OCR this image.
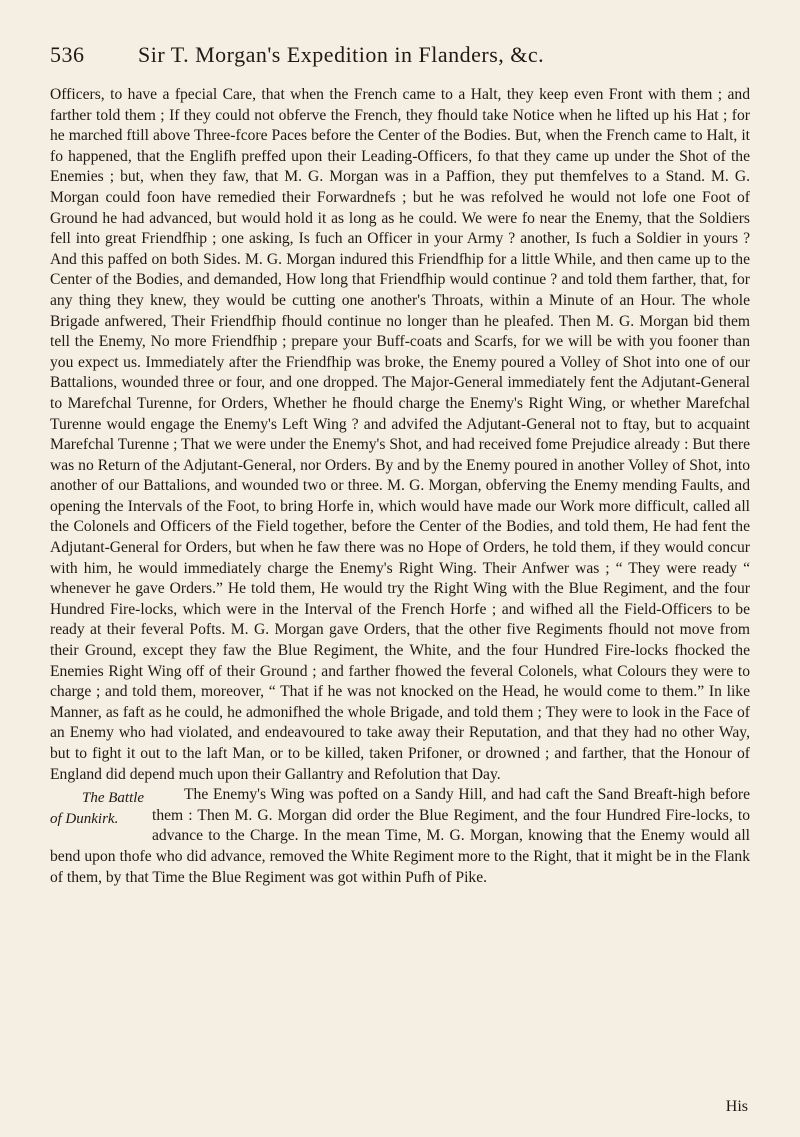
536 Sir T. Morgan's Expedition in Flanders, &c.

Officers, to have a fpecial Care, that when the French came to a Halt, they keep even Front with them ; and farther told them ; If they could not obferve the French, they fhould take Notice when he lifted up his Hat ; for he marched ftill above Three-fcore Paces before the Center of the Bodies. But, when the French came to Halt, it fo happened, that the Englifh preffed upon their Leading-Officers, fo that they came up under the Shot of the Enemies ; but, when they faw, that M. G. Morgan was in a Paffion, they put themfelves to a Stand. M. G. Morgan could foon have remedied their Forwardnefs ; but he was refolved he would not lofe one Foot of Ground he had advanced, but would hold it as long as he could. We were fo near the Enemy, that the Soldiers fell into great Friendfhip ; one asking, Is fuch an Officer in your Army ? another, Is fuch a Soldier in yours ? And this paffed on both Sides. M. G. Morgan indured this Friendfhip for a little While, and then came up to the Center of the Bodies, and demanded, How long that Friendfhip would continue ? and told them farther, that, for any thing they knew, they would be cutting one another's Throats, within a Minute of an Hour. The whole Brigade anfwered, Their Friendfhip fhould continue no longer than he pleafed. Then M. G. Morgan bid them tell the Enemy, No more Friendfhip ; prepare your Buff-coats and Scarfs, for we will be with you fooner than you expect us. Immediately after the Friendfhip was broke, the Enemy poured a Volley of Shot into one of our Battalions, wounded three or four, and one dropped. The Major-General immediately fent the Adjutant-General to Marefchal Turenne, for Orders, Whether he fhould charge the Enemy's Right Wing, or whether Marefchal Turenne would engage the Enemy's Left Wing ? and advifed the Adjutant-General not to ftay, but to acquaint Marefchal Turenne ; That we were under the Enemy's Shot, and had received fome Prejudice already : But there was no Return of the Adjutant-General, nor Orders. By and by the Enemy poured in another Volley of Shot, into another of our Battalions, and wounded two or three. M. G. Morgan, obferving the Enemy mending Faults, and opening the Intervals of the Foot, to bring Horfe in, which would have made our Work more difficult, called all the Colonels and Officers of the Field together, before the Center of the Bodies, and told them, He had fent the Adjutant-General for Orders, but when he faw there was no Hope of Orders, he told them, if they would concur with him, he would immediately charge the Enemy's Right Wing. Their Anfwer was ; “ They were ready “ whenever he gave Orders.” He told them, He would try the Right Wing with the Blue Regiment, and the four Hundred Fire-locks, which were in the Interval of the French Horfe ; and wifhed all the Field-Officers to be ready at their feveral Pofts. M. G. Morgan gave Orders, that the other five Regiments fhould not move from their Ground, except they faw the Blue Regiment, the White, and the four Hundred Fire-locks fhocked the Enemies Right Wing off of their Ground ; and farther fhowed the feveral Colonels, what Colours they were to charge ; and told them, moreover, “ That if he was not knocked on the Head, he would come to them.” In like Manner, as faft as he could, he admonifhed the whole Brigade, and told them ; They were to look in the Face of an Enemy who had violated, and endeavoured to take away their Reputation, and that they had no other Way, but to fight it out to the laft Man, or to be killed, taken Prifoner, or drowned ; and farther, that the Honour of England did depend much upon their Gallantry and Refolution that Day.

The Battle of Dunkirk.
The Enemy's Wing was pofted on a Sandy Hill, and had caft the Sand Breaft-high before them : Then M. G. Morgan did order the Blue Regiment, and the four Hundred Fire-locks, to advance to the Charge. In the mean Time, M. G. Morgan, knowing that the Enemy would all bend upon thofe who did advance, removed the White Regiment more to the Right, that it might be in the Flank of them, by that Time the Blue Regiment was got within Pufh of Pike.

His
